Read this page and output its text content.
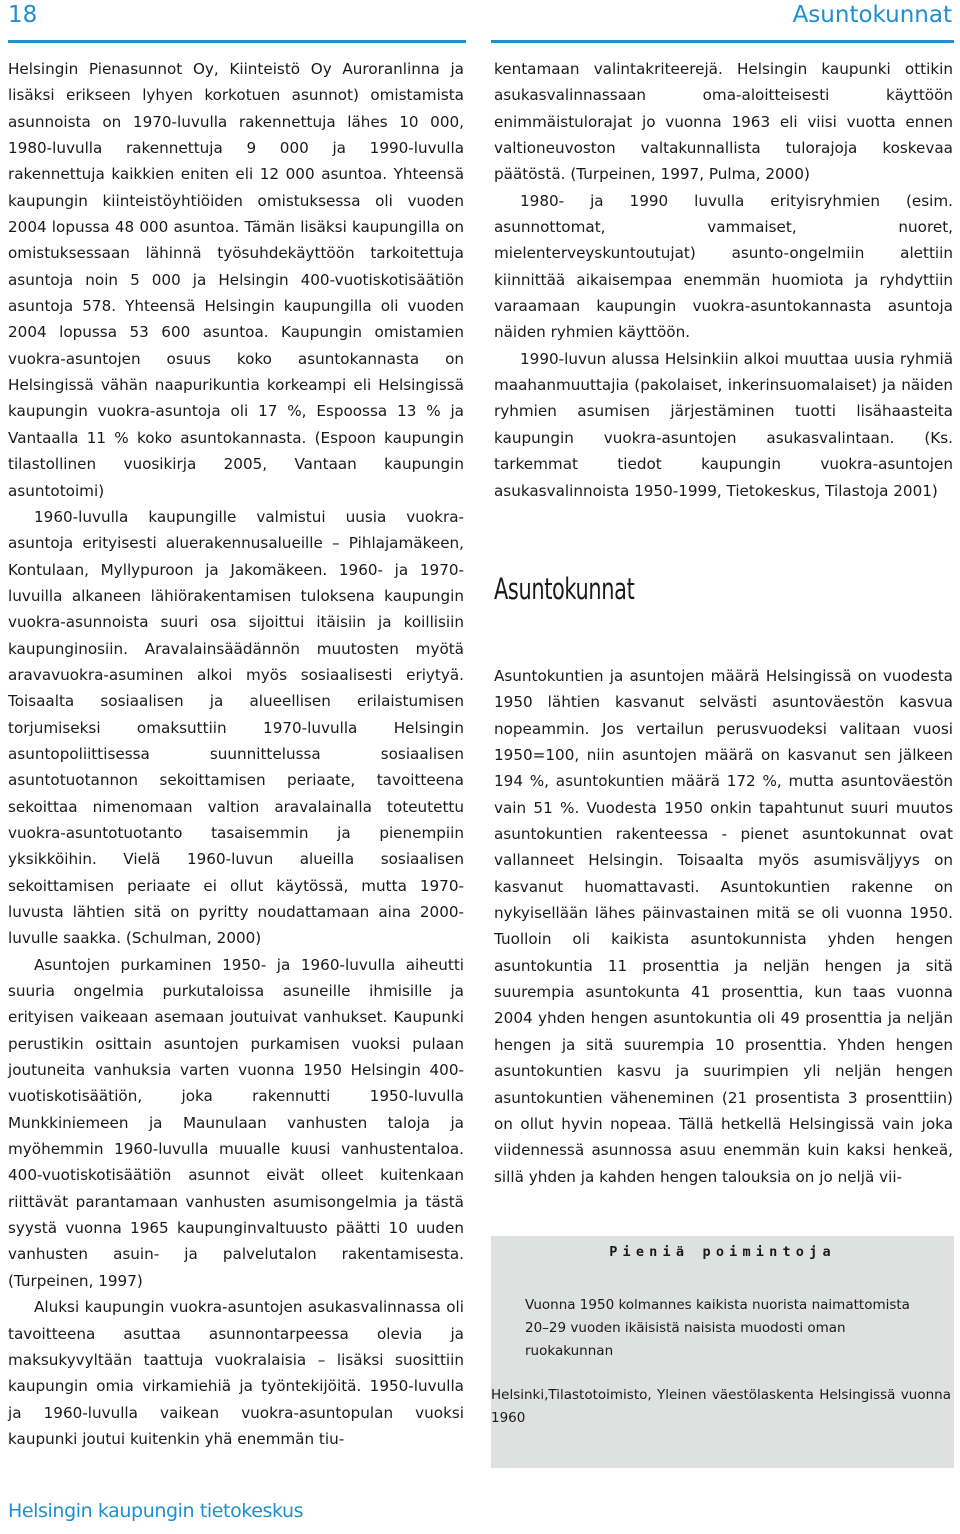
18	Asuntokunnat

Helsingin Pienasunnot Oy, Kiinteistö Oy Auroranlinna ja lisäksi erikseen lyhyen korkotuen asunnot) omistamista asunnoista on 1970-luvulla rakennettuja lähes 10 000, 1980-luvulla rakennettuja 9 000 ja 1990-luvulla rakennettuja kaikkien eniten eli 12 000 asuntoa. Yhteensä kaupungin kiinteistöyhtiöiden omistuksessa oli vuoden 2004 lopussa 48 000 asuntoa. Tämän lisäksi kaupungilla on omistuksessaan lähinnä työsuhdekäyttöön tarkoitettuja asuntoja noin 5 000 ja Helsingin 400-vuotiskotisäätiön asuntoja 578. Yhteensä Helsingin kaupungilla oli vuoden 2004 lopussa 53 600 asuntoa. Kaupungin omistamien vuokra-asuntojen osuus koko asuntokannasta on Helsingissä vähän naapurikuntia korkeampi eli Helsingissä kaupungin vuokra-asuntoja oli 17 %, Espoossa 13 % ja Vantaalla 11 % koko asuntokannasta. (Espoon kaupungin tilastollinen vuosikirja 2005, Vantaan kaupungin asuntotoimi)

1960-luvulla kaupungille valmistui uusia vuokra-asuntoja erityisesti aluerakennusalueille – Pihlajamäkeen, Kontulaan, Myllypuroon ja Jakomäkeen. 1960- ja 1970-luvuilla alkaneen lähiörakentamisen tuloksena kaupungin vuokra-asunnoista suuri osa sijoittui itäisiin ja koillisiin kaupunginosiin. Aravalainsäädännön muutosten myötä aravavuokra-asuminen alkoi myös sosiaalisesti eriytyä. Toisaalta sosiaalisen ja alueellisen erilaistumisen torjumiseksi omaksuttiin 1970-luvulla Helsingin asuntopoliittisessa suunnittelussa sosiaalisen asuntotuotannon sekoittamisen periaate, tavoitteena sekoittaa nimenomaan valtion aravalainalla toteutettu vuokra-asuntotuotanto tasaisemmin ja pienempiin yksikköihin. Vielä 1960-luvun alueilla sosiaalisen sekoittamisen periaate ei ollut käytössä, mutta 1970-luvusta lähtien sitä on pyritty noudattamaan aina 2000-luvulle saakka. (Schulman, 2000)

Asuntojen purkaminen 1950- ja 1960-luvulla aiheutti suuria ongelmia purkutaloissa asuneille ihmisille ja erityisen vaikeaan asemaan joutuivat vanhukset. Kaupunki perustikin osittain asuntojen purkamisen vuoksi pulaan joutuneita vanhuksia varten vuonna 1950 Helsingin 400-vuotiskotisäätiön, joka rakennutti 1950-luvulla Munkkiniemeen ja Maunulaan vanhusten taloja ja myöhemmin 1960-luvulla muualle kuusi vanhustentaloa. 400-vuotiskotisäätiön asunnot eivät olleet kuitenkaan riittävät parantamaan vanhusten asumisongelmia ja tästä syystä vuonna 1965 kaupunginvaltuusto päätti 10 uuden vanhusten asuin- ja palvelutalon rakentamisesta. (Turpeinen, 1997)

Aluksi kaupungin vuokra-asuntojen asukasvalinnassa oli tavoitteena asuttaa asunnontarpeessa olevia ja maksukyvyltään taattuja vuokralaisia – lisäksi suosittiin kaupungin omia virkamiehiä ja työntekijöitä. 1950-luvulla ja 1960-luvulla vaikean vuokra-asuntopulan vuoksi kaupunki joutui kuitenkin yhä enemmän tiu-

kentamaan valintakriteerejä. Helsingin kaupunki ottikin asukasvalinnassaan oma-aloitteisesti käyttöön enimmäistulorajat jo vuonna 1963 eli viisi vuotta ennen valtioneuvoston valtakunnallista tulorajoja koskevaa päätöstä. (Turpeinen, 1997, Pulma, 2000)

1980- ja 1990 luvulla erityisryhmien (esim. asunnottomat, vammaiset, nuoret, mielenterveyskuntoutujat) asunto-ongelmiin alettiin kiinnittää aikaisempaa enemmän huomiota ja ryhdyttiin varaamaan kaupungin vuokra-asuntokannasta asuntoja näiden ryhmien käyttöön.

1990-luvun alussa Helsinkiin alkoi muuttaa uusia ryhmiä maahanmuuttajia (pakolaiset, inkerinsuomalaiset) ja näiden ryhmien asumisen järjestäminen tuotti lisähaasteita kaupungin vuokra-asuntojen asukasvalintaan. (Ks. tarkemmat tiedot kaupungin vuokra-asuntojen asukasvalinnoista 1950-1999, Tietokeskus, Tilastoja 2001)

Asuntokunnat

Asuntokuntien ja asuntojen määrä Helsingissä on vuodesta 1950 lähtien kasvanut selvästi asuntoväestön kasvua nopeammin. Jos vertailun perusvuodeksi valitaan vuosi 1950=100, niin asuntojen määrä on kasvanut sen jälkeen 194 %, asuntokuntien määrä 172 %, mutta asuntoväestön vain 51 %. Vuodesta 1950 onkin tapahtunut suuri muutos asuntokuntien rakenteessa - pienet asuntokunnat ovat vallanneet Helsingin. Toisaalta myös asumisväljyys on kasvanut huomattavasti. Asuntokuntien rakenne on nykyisellään lähes päinvastainen mitä se oli vuonna 1950. Tuolloin oli kaikista asuntokunnista yhden hengen asuntokuntia 11 prosenttia ja neljän hengen ja sitä suurempia asuntokunta 41 prosenttia, kun taas vuonna 2004 yhden hengen asuntokuntia oli 49 prosenttia ja neljän hengen ja sitä suurempia 10 prosenttia. Yhden hengen asuntokuntien kasvu ja suurimpien yli neljän hengen asuntokuntien väheneminen (21 prosentista 3 prosenttiin) on ollut hyvin nopeaa. Tällä hetkellä Helsingissä vain joka viidennessä asunnossa asuu enemmän kuin kaksi henkeä, sillä yhden ja kahden hengen talouksia on jo neljä vii-

Pieniä poimintoja
Vuonna 1950 kolmannes kaikista nuorista naimattomista 20–29 vuoden ikäisistä naisista muodosti oman ruokakunnan
Helsinki,Tilastotoimisto, Yleinen väestölaskenta Helsingissä vuonna 1960
Helsingin kaupungin tietokeskus
